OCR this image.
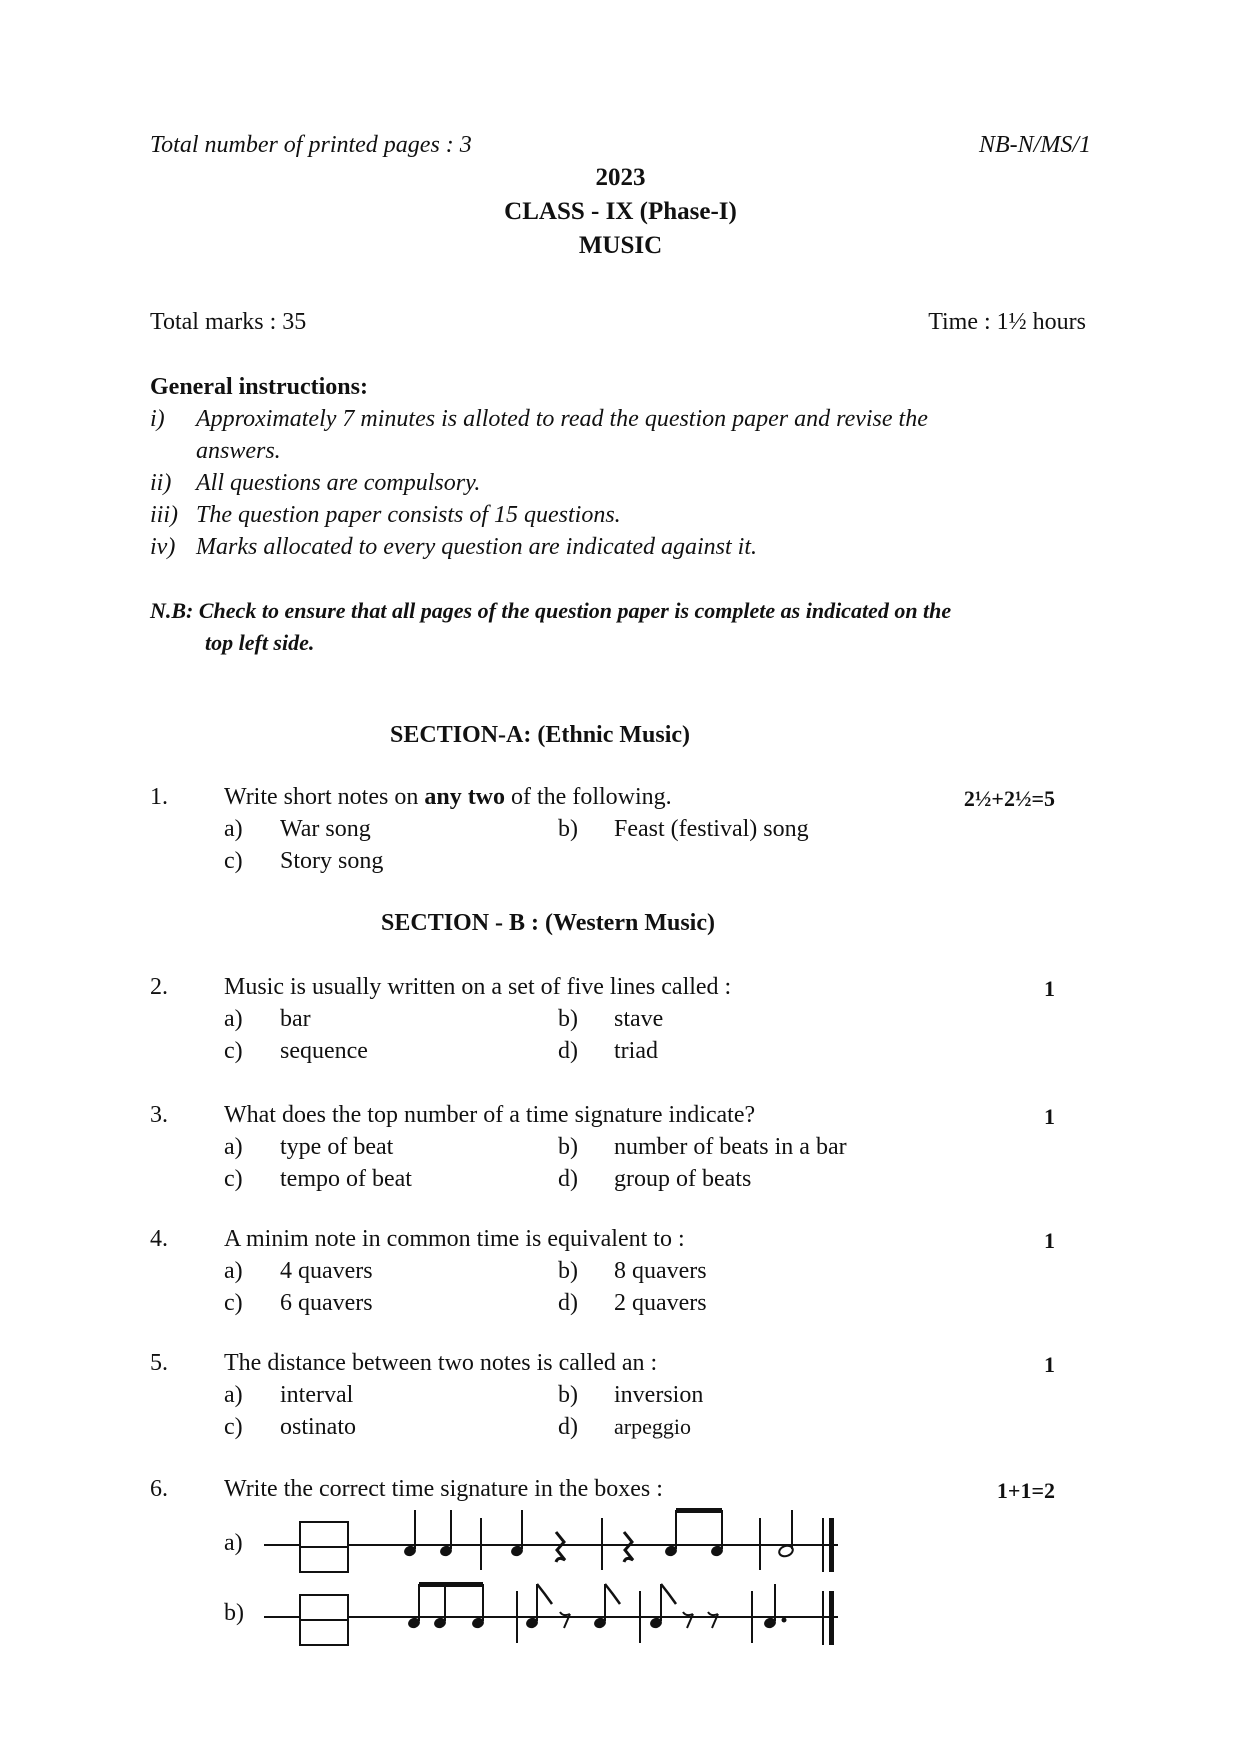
Total number of printed pages : 3	NB-N/MS/1
2023
CLASS - IX (Phase-I)
MUSIC
Total marks : 35	Time : 1½ hours
General instructions:
i) Approximately 7 minutes is alloted to read the question paper and revise the
answers.
ii) All questions are compulsory.
iii) The question paper consists of 15 questions.
iv) Marks allocated to every question are indicated against it.
N.B: Check to ensure that all pages of the question paper is complete as indicated on the
top left side.
SECTION-A: (Ethnic Music)
1. Write short notes on any two of the following.	2½+2½=5
a) War song	b) Feast (festival) song
c) Story song
SECTION - B : (Western Music)
2. Music is usually written on a set of five lines called :	1
a) bar	b) stave
c) sequence	d) triad
3. What does the top number of a time signature indicate?	1
a) type of beat	b) number of beats in a bar
c) tempo of beat	d) group of beats
4. A minim note in common time is equivalent to :	1
a) 4 quavers	b) 8 quavers
c) 6 quavers	d) 2 quavers
5. The distance between two notes is called an :	1
a) interval	b) inversion
c) ostinato	d) arpeggio
6. Write the correct time signature in the boxes :	1+1=2
a)
b)
